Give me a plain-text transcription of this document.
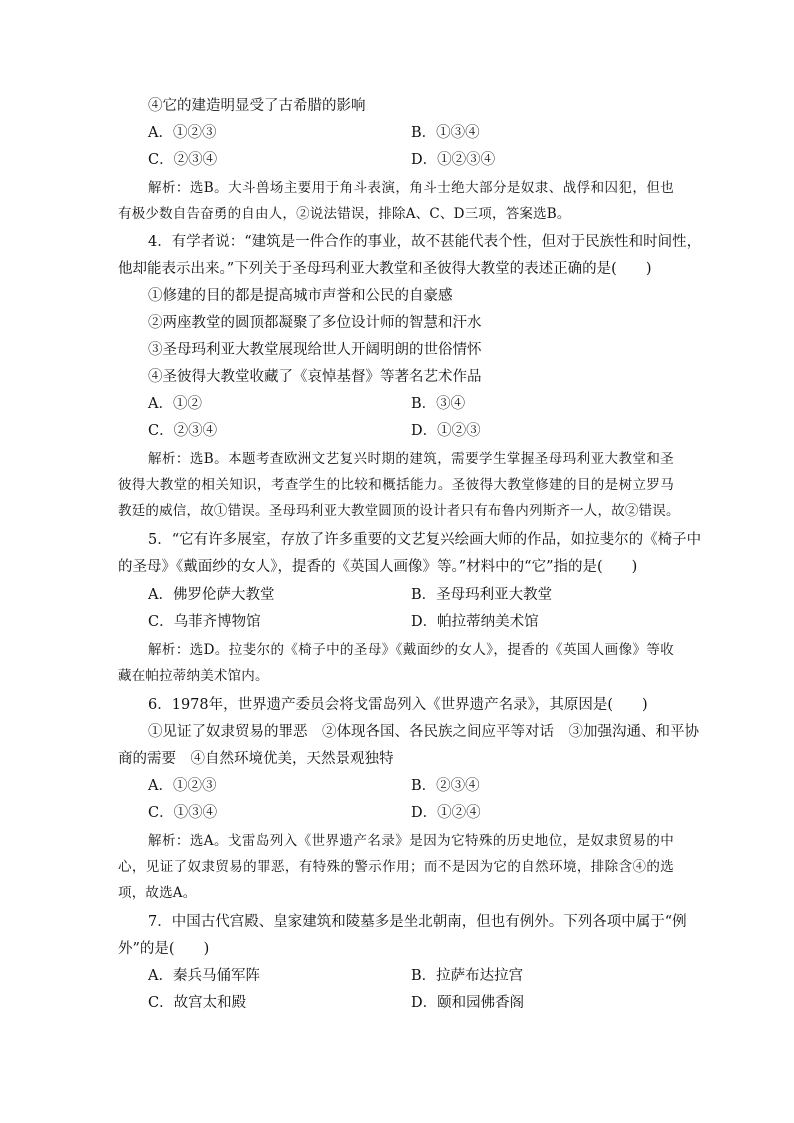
④它的建造明显受了古希腊的影响
A．①②③	B．①③④
C．②③④	D．①②③④
解析：选B。大斗兽场主要用于角斗表演，角斗士绝大部分是奴隶、战俘和囚犯，但也
有极少数自告奋勇的自由人，②说法错误，排除A、C、D三项，答案选B。
4．有学者说：“建筑是一件合作的事业，故不甚能代表个性，但对于民族性和时间性，
他却能表示出来。”下列关于圣母玛利亚大教堂和圣彼得大教堂的表述正确的是(　　)
①修建的目的都是提高城市声誉和公民的自豪感
②两座教堂的圆顶都凝聚了多位设计师的智慧和汗水
③圣母玛利亚大教堂展现给世人开阔明朗的世俗情怀
④圣彼得大教堂收藏了《哀悼基督》等著名艺术作品
A．①②	B．③④
C．②③④	D．①②③
解析：选B。本题考查欧洲文艺复兴时期的建筑，需要学生掌握圣母玛利亚大教堂和圣
彼得大教堂的相关知识，考查学生的比较和概括能力。圣彼得大教堂修建的目的是树立罗马
教廷的威信，故①错误。圣母玛利亚大教堂圆顶的设计者只有布鲁内列斯齐一人，故②错误。
5．“它有许多展室，存放了许多重要的文艺复兴绘画大师的作品，如拉斐尔的《椅子中
的圣母》《戴面纱的女人》，提香的《英国人画像》等。”材料中的“它”指的是(　　)
A．佛罗伦萨大教堂	B．圣母玛利亚大教堂
C．乌菲齐博物馆	D．帕拉蒂纳美术馆
解析：选D。拉斐尔的《椅子中的圣母》《戴面纱的女人》，提香的《英国人画像》等收
藏在帕拉蒂纳美术馆内。
6．1978年，世界遗产委员会将戈雷岛列入《世界遗产名录》，其原因是(　　)
①见证了奴隶贸易的罪恶　②体现各国、各民族之间应平等对话　③加强沟通、和平协
商的需要　④自然环境优美，天然景观独特
A．①②③	B．②③④
C．①③④	D．①②④
解析：选A。戈雷岛列入《世界遗产名录》是因为它特殊的历史地位，是奴隶贸易的中
心，见证了奴隶贸易的罪恶，有特殊的警示作用；而不是因为它的自然环境，排除含④的选
项，故选A。
7．中国古代宫殿、皇家建筑和陵墓多是坐北朝南，但也有例外。下列各项中属于“例
外”的是(　　)
A．秦兵马俑军阵	B．拉萨布达拉宫
C．故宫太和殿	D．颐和园佛香阁
